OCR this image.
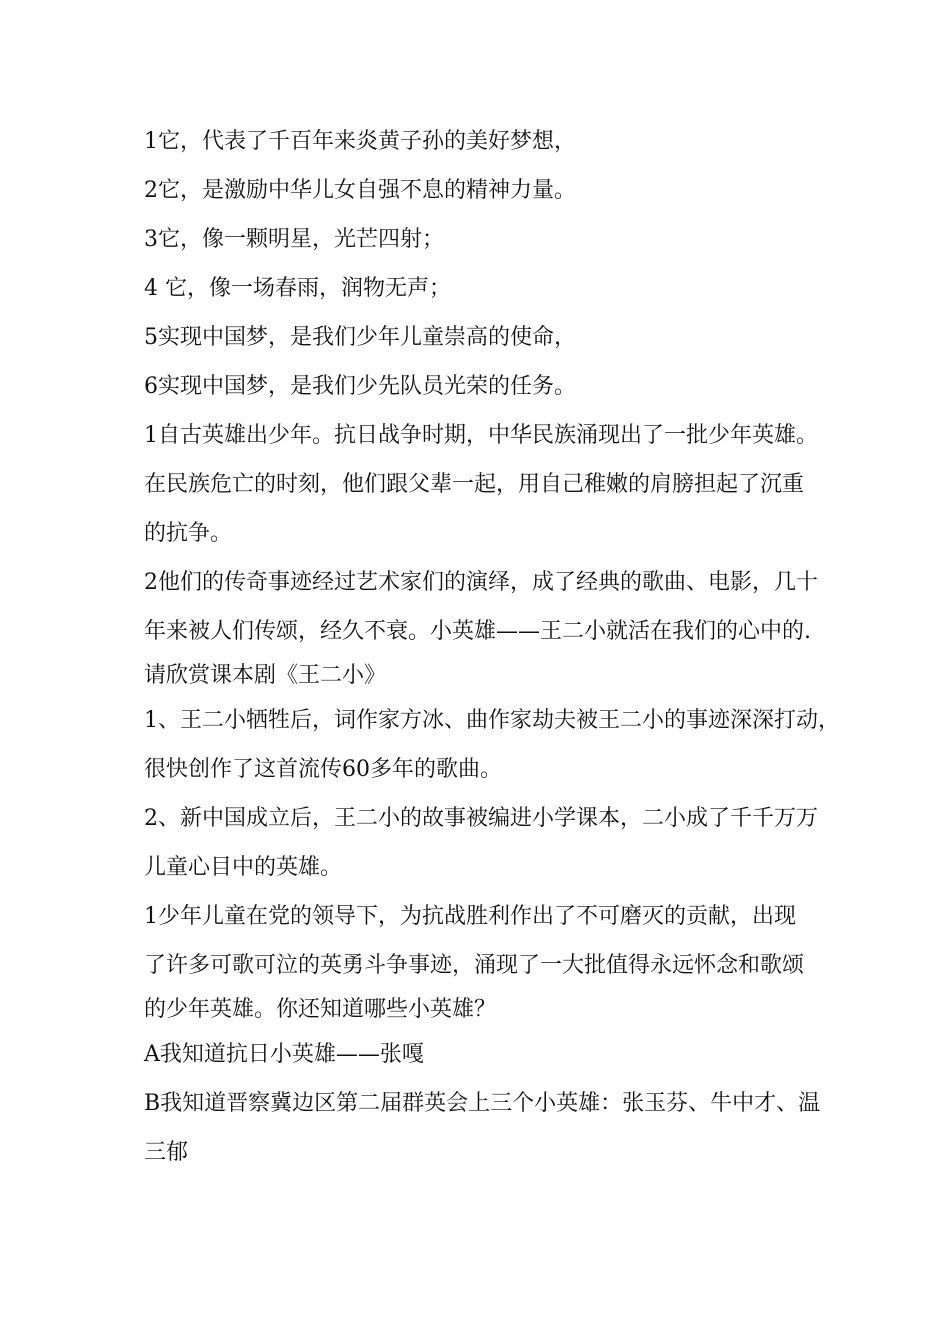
1它，代表了千百年来炎黄子孙的美好梦想，

2它，是激励中华儿女自强不息的精神力量。

3它，像一颗明星，光芒四射；

4 它，像一场春雨，润物无声；

5实现中国梦，是我们少年儿童崇高的使命，

6实现中国梦，是我们少先队员光荣的任务。

1自古英雄出少年。抗日战争时期，中华民族涌现出了一批少年英雄。

在民族危亡的时刻，他们跟父辈一起，用自己稚嫩的肩膀担起了沉重

的抗争。

2他们的传奇事迹经过艺术家们的演绎，成了经典的歌曲、电影，几十

年来被人们传颂，经久不衰。小英雄——王二小就活在我们的心中的.

请欣赏课本剧《王二小》

1、王二小牺牲后，词作家方冰、曲作家劫夫被王二小的事迹深深打动，

很快创作了这首流传60多年的歌曲。

2、新中国成立后，王二小的故事被编进小学课本，二小成了千千万万

儿童心目中的英雄。

1少年儿童在党的领导下，为抗战胜利作出了不可磨灭的贡献，出现

了许多可歌可泣的英勇斗争事迹，涌现了一大批值得永远怀念和歌颂

的少年英雄。你还知道哪些小英雄？

A我知道抗日小英雄——张嘎

B我知道晋察冀边区第二届群英会上三个小英雄：张玉芬、牛中才、温

三郁
